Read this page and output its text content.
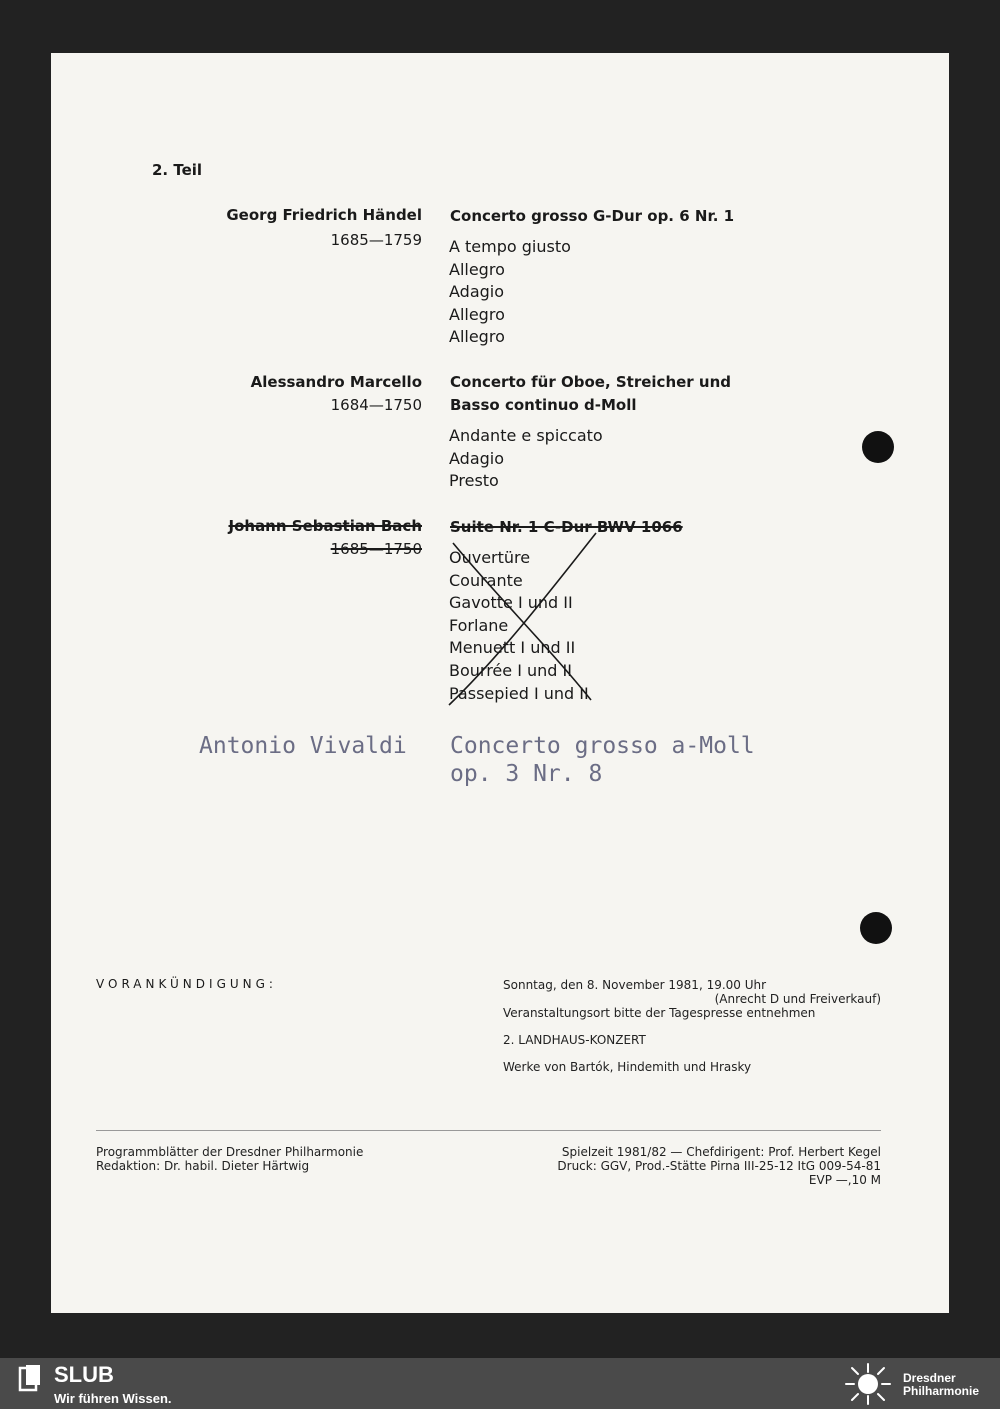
2. Teil
Georg Friedrich Händel
1685—1759
Concerto grosso G-Dur op. 6 Nr. 1
A tempo giusto
Allegro
Adagio
Allegro
Allegro
Alessandro Marcello
1684—1750
Concerto für Oboe, Streicher und
Basso continuo d-Moll
Andante e spiccato
Adagio
Presto
Johann Sebastian Bach
1685—1750
Suite Nr. 1 C-Dur BWV 1066
Ouvertüre
Courante
Gavotte I und II
Forlane
Menuett I und II
Bourrée I und II
Passepied I und II
Antonio Vivaldi Concerto grosso a-Moll
op. 3 Nr. 8
VORANKÜNDIGUNG:	Sonntag, den 8. November 1981, 19.00 Uhr
(Anrecht D und Freiverkauf)
Veranstaltungsort bitte der Tagespresse entnehmen
2. LANDHAUS-KONZERT
Werke von Bartók, Hindemith und Hrasky
Programmblätter der Dresdner Philharmonie
Redaktion: Dr. habil. Dieter Härtwig
Spielzeit 1981/82 — Chefdirigent: Prof. Herbert Kegel
Druck: GGV, Prod.-Stätte Pirna III-25-12 ItG 009-54-81
EVP —,10 M
SLUB
Wir führen Wissen.
Dresdner
Philharmonie
